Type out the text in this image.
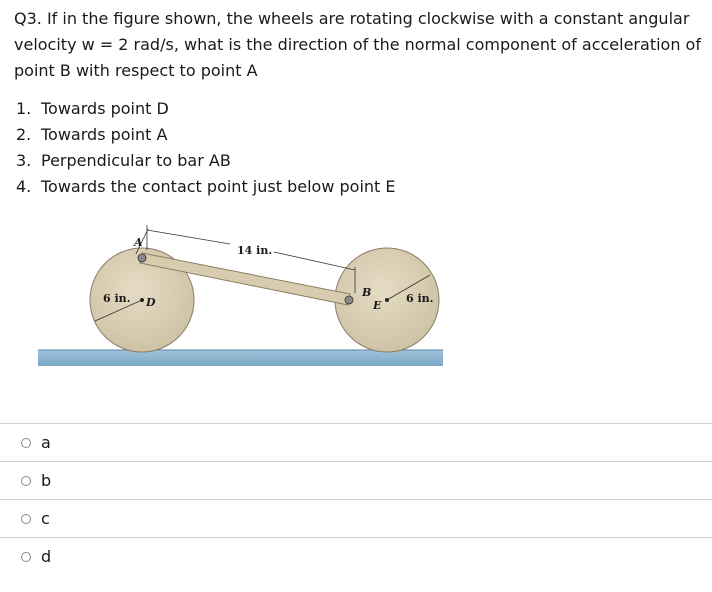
Q3. If in the figure shown, the wheels are rotating clockwise with a constant angular velocity w = 2 rad/s, what is the direction of the normal component of acceleration of point B with respect to point A
1. Towards point D
2. Towards point A
3. Perpendicular to bar AB
4. Towards the contact point just below point E
A
14 in.
6 in. D
B
E
6 in.
a
b
c
d
